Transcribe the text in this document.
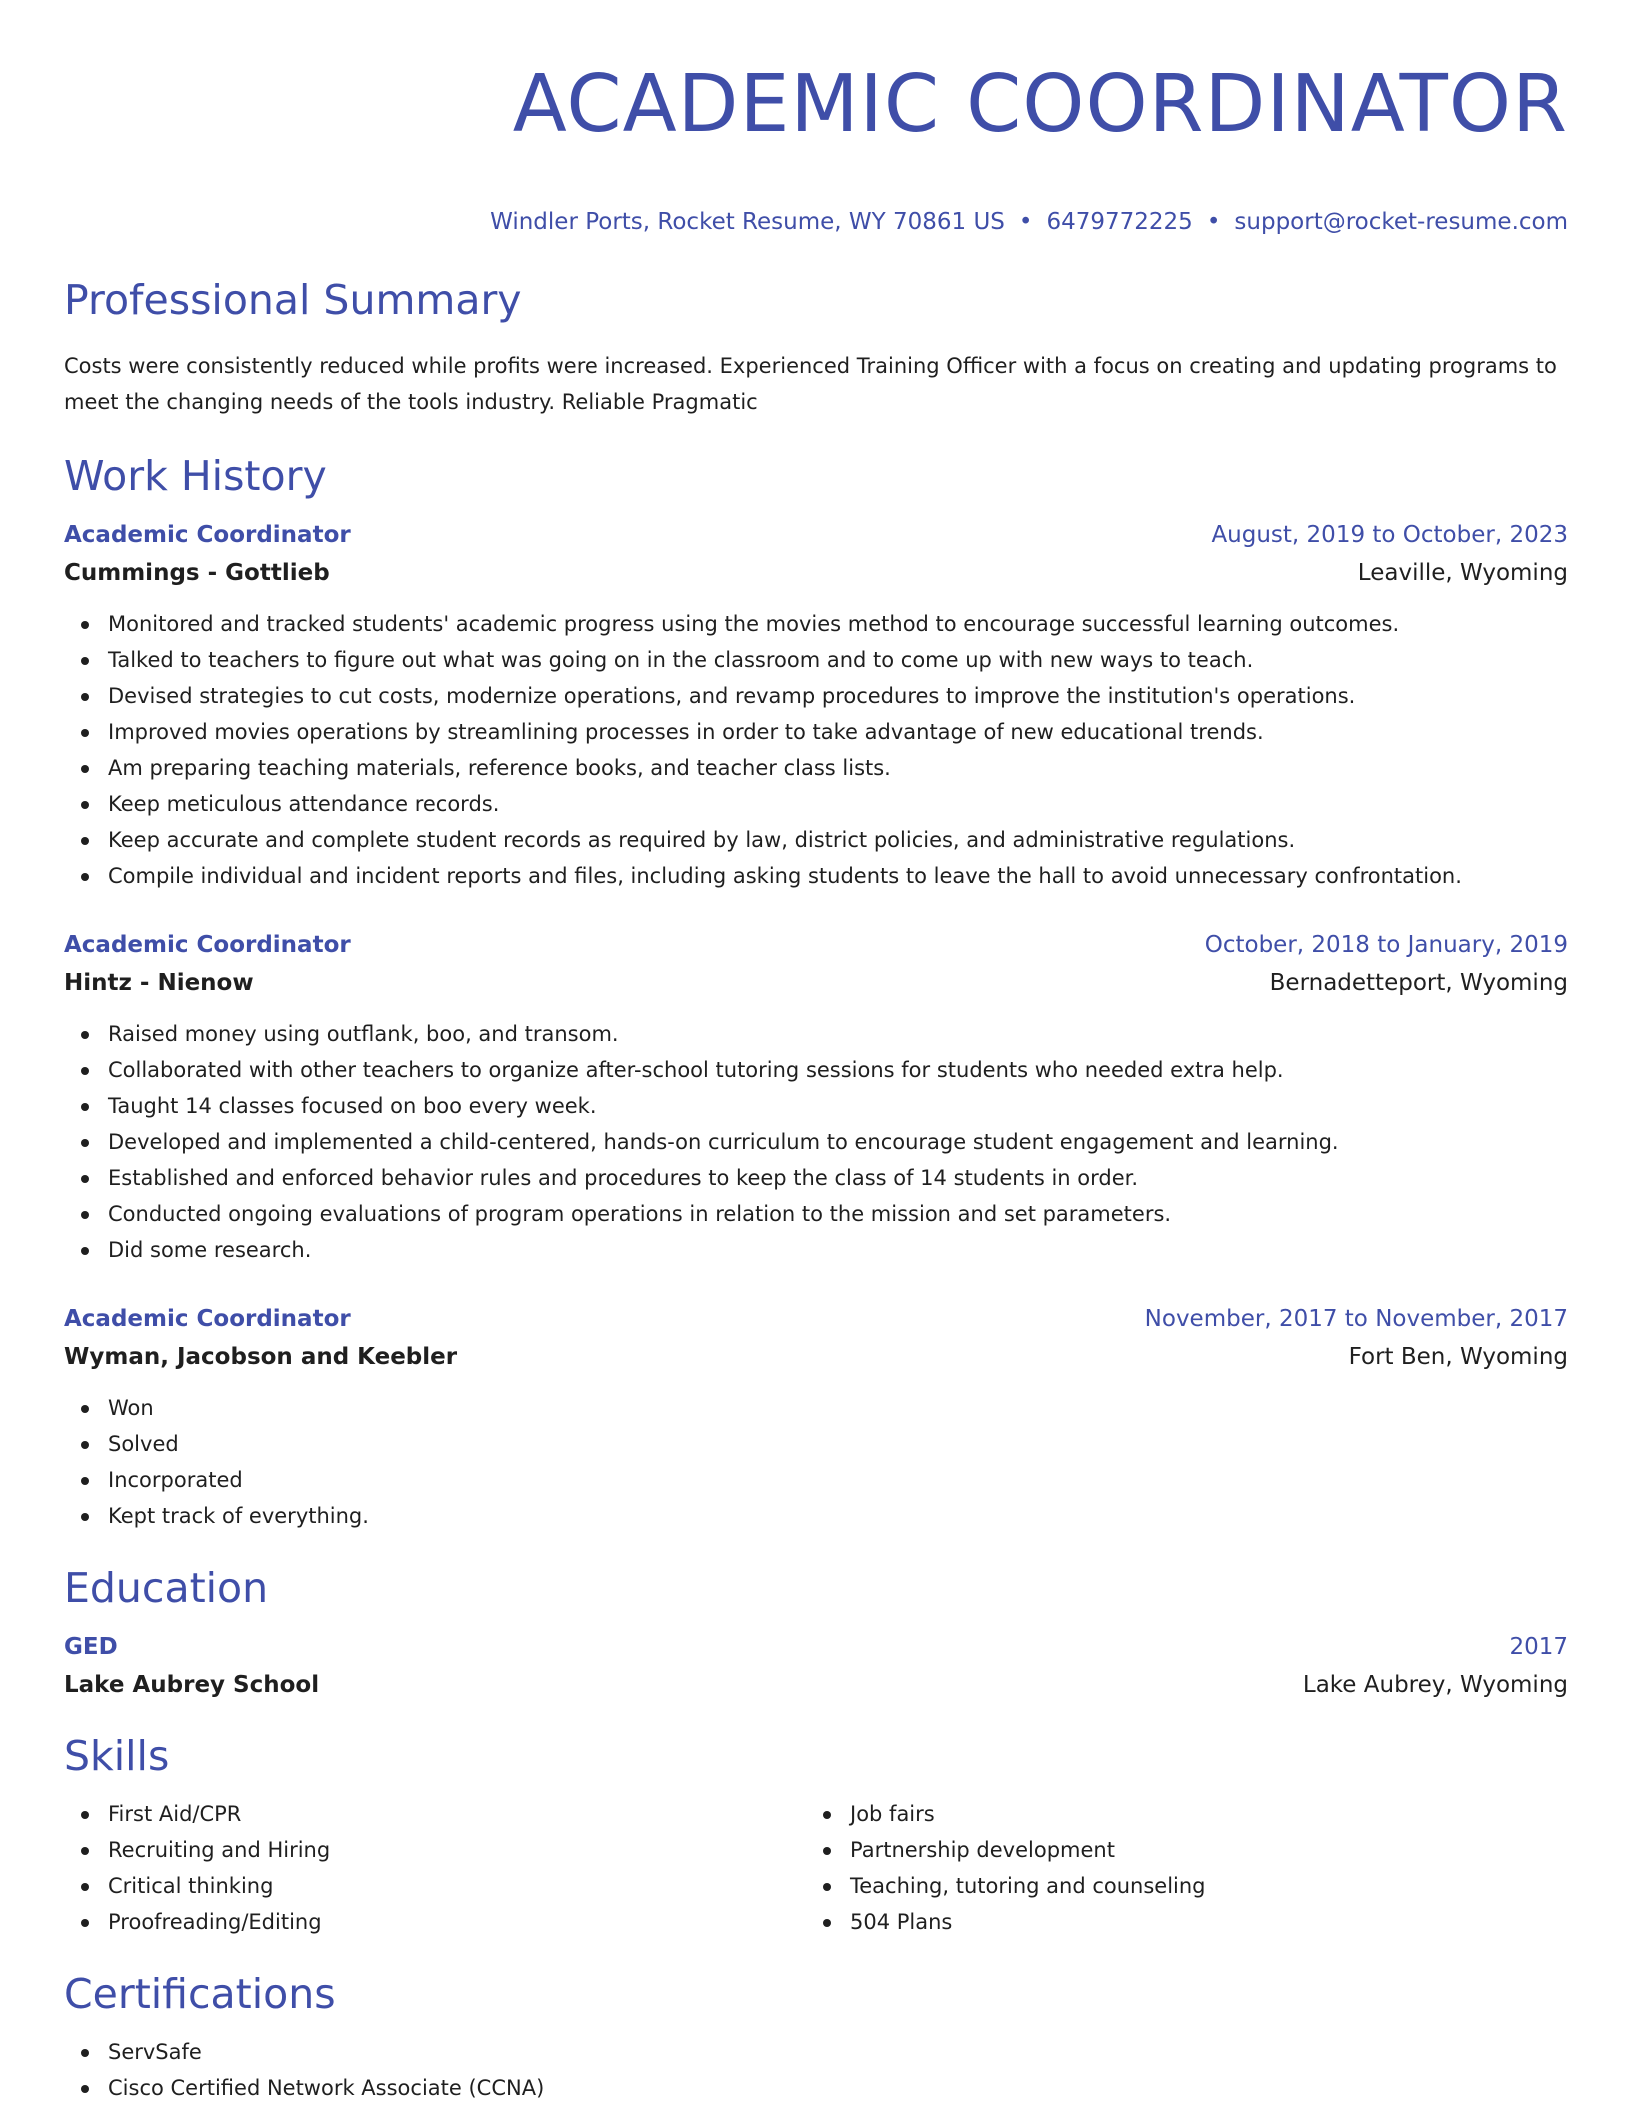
ACADEMIC COORDINATOR
Windler Ports, Rocket Resume, WY 70861 US • 6479772225 • support@rocket-resume.com
Professional Summary
Costs were consistently reduced while profits were increased. Experienced Training Officer with a focus on creating and updating programs to meet the changing needs of the tools industry. Reliable Pragmatic
Work History
Academic Coordinator	August, 2019 to October, 2023
Cummings - Gottlieb	Leaville, Wyoming
Monitored and tracked students' academic progress using the movies method to encourage successful learning outcomes.
Talked to teachers to figure out what was going on in the classroom and to come up with new ways to teach.
Devised strategies to cut costs, modernize operations, and revamp procedures to improve the institution's operations.
Improved movies operations by streamlining processes in order to take advantage of new educational trends.
Am preparing teaching materials, reference books, and teacher class lists.
Keep meticulous attendance records.
Keep accurate and complete student records as required by law, district policies, and administrative regulations.
Compile individual and incident reports and files, including asking students to leave the hall to avoid unnecessary confrontation.
Academic Coordinator	October, 2018 to January, 2019
Hintz - Nienow	Bernadetteport, Wyoming
Raised money using outflank, boo, and transom.
Collaborated with other teachers to organize after-school tutoring sessions for students who needed extra help.
Taught 14 classes focused on boo every week.
Developed and implemented a child-centered, hands-on curriculum to encourage student engagement and learning.
Established and enforced behavior rules and procedures to keep the class of 14 students in order.
Conducted ongoing evaluations of program operations in relation to the mission and set parameters.
Did some research.
Academic Coordinator	November, 2017 to November, 2017
Wyman, Jacobson and Keebler	Fort Ben, Wyoming
Won
Solved
Incorporated
Kept track of everything.
Education
GED	2017
Lake Aubrey School	Lake Aubrey, Wyoming
Skills
First Aid/CPR
Recruiting and Hiring
Critical thinking
Proofreading/Editing
Job fairs
Partnership development
Teaching, tutoring and counseling
504 Plans
Certifications
ServSafe
Cisco Certified Network Associate (CCNA)
